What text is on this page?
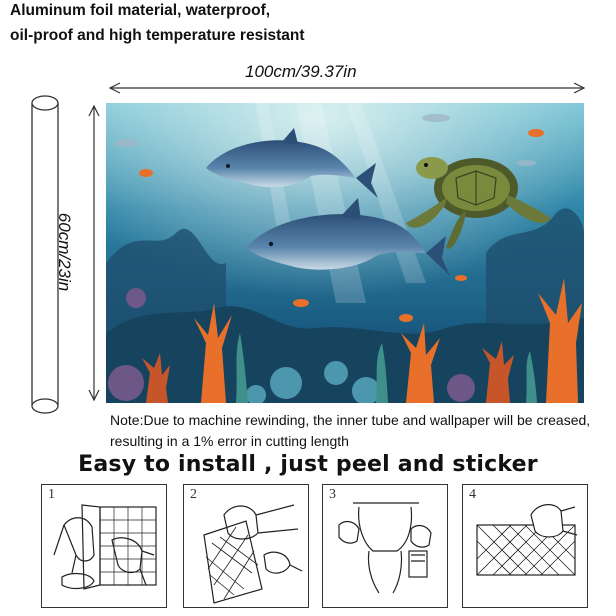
Aluminum foil material, waterproof,
oil-proof and high temperature resistant
100cm/39.37in
60cm/23in
Note:Due to machine rewinding, the inner tube and wallpaper will be creased,
resulting in a 1% error in cutting length
Easy to install , just peel and sticker
1	2	3	4
